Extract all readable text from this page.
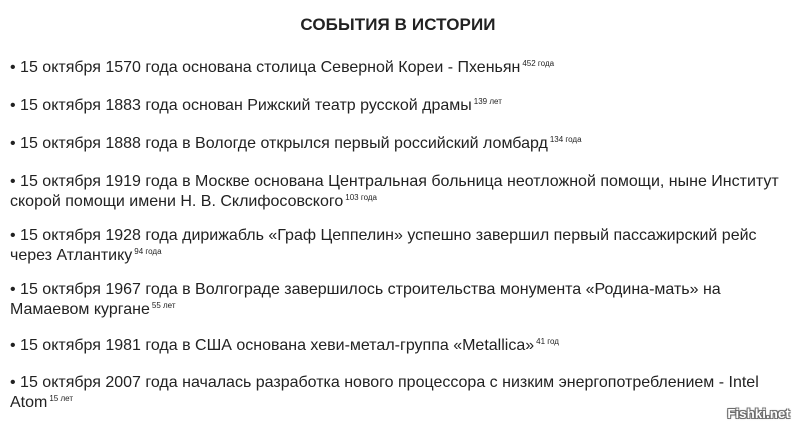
СОБЫТИЯ В ИСТОРИИ
• 15 октября 1570 года основана столица Северной Кореи - Пхеньян $^{452 года}$
• 15 октября 1883 года основан Рижский театр русской драмы $^{139 лет}$
• 15 октября 1888 года в Вологде открылся первый российский ломбард $^{134 года}$
• 15 октября 1919 года в Москве основана Центральная больница неотложной помощи, ныне Институт скорой помощи имени Н. В. Склифосовского $^{103 года}$
• 15 октября 1928 года дирижабль «Граф Цеппелин» успешно завершил первый пассажирский рейс через Атлантику $^{94 года}$
• 15 октября 1967 года в Волгограде завершилось строительства монумента «Родина-мать» на Мамаевом кургане $^{55 лет}$
• 15 октября 1981 года в США основана хеви-метал-группа «Metallica» $^{41 год}$
• 15 октября 2007 года началась разработка нового процессора с низким энергопотреблением - Intel Atom $^{15 лет}$
Fishki.net
